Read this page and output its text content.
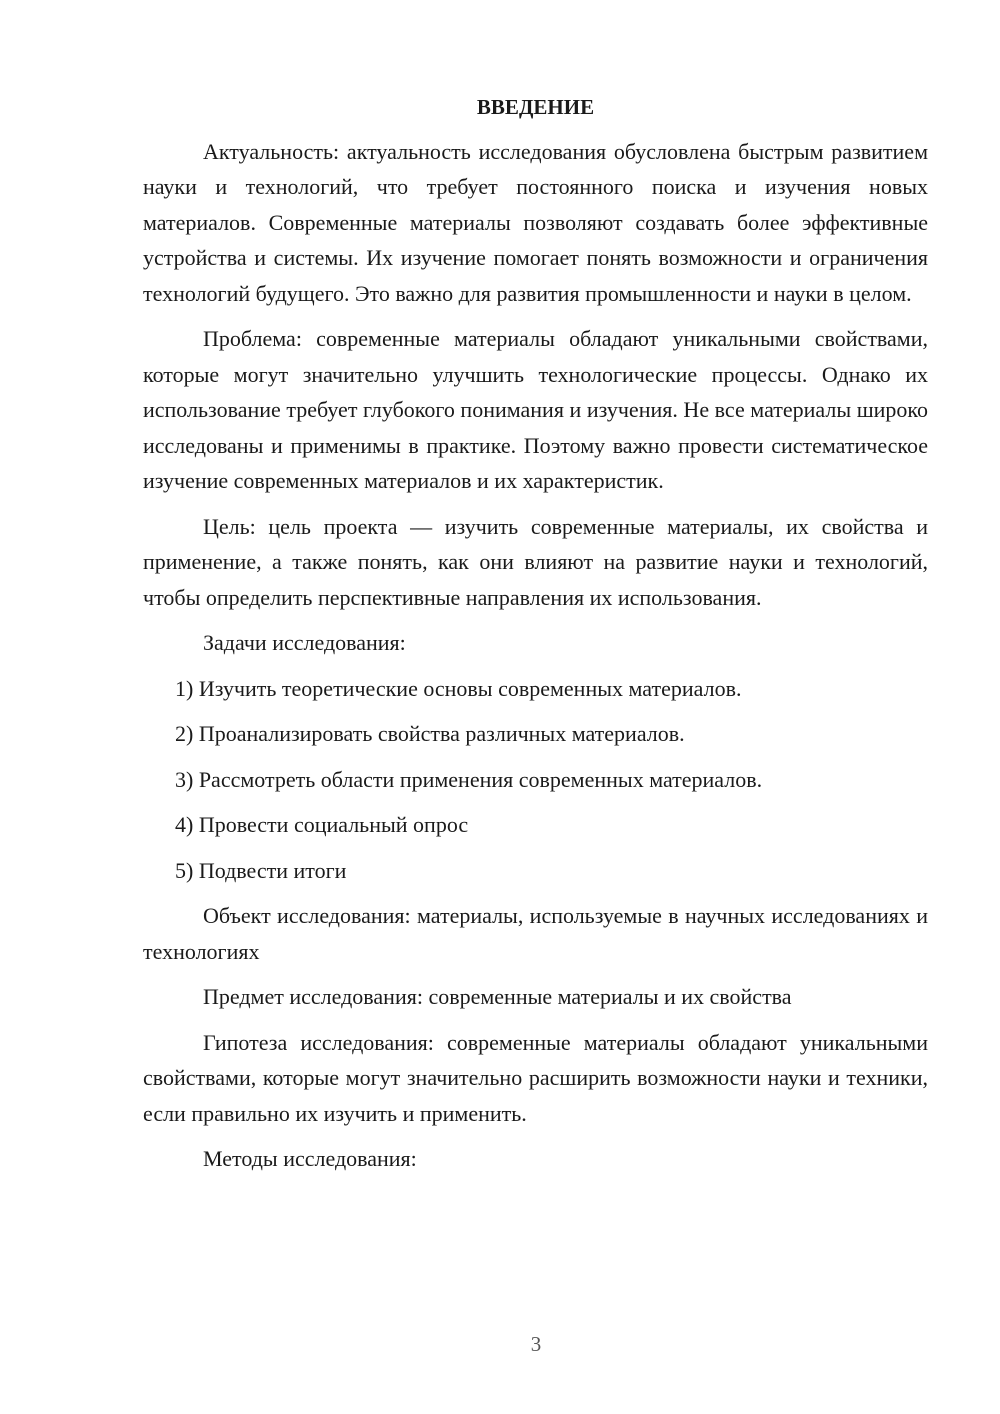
ВВЕДЕНИЕ

Актуальность: актуальность исследования обусловлена быстрым развитием науки и технологий, что требует постоянного поиска и изучения новых материалов. Современные материалы позволяют создавать более эффективные устройства и системы. Их изучение помогает понять возможности и ограничения технологий будущего. Это важно для развития промышленности и науки в целом.

Проблема: современные материалы обладают уникальными свойствами, которые могут значительно улучшить технологические процессы. Однако их использование требует глубокого понимания и изучения. Не все материалы широко исследованы и применимы в практике. Поэтому важно провести систематическое изучение современных материалов и их характеристик.

Цель: цель проекта — изучить современные материалы, их свойства и применение, а также понять, как они влияют на развитие науки и технологий, чтобы определить перспективные направления их использования.

Задачи исследования:

1) Изучить теоретические основы современных материалов.

2) Проанализировать свойства различных материалов.

3) Рассмотреть области применения современных материалов.

4) Провести социальный опрос

5) Подвести итоги

Объект исследования: материалы, используемые в научных исследованиях и технологиях

Предмет исследования: современные материалы и их свойства

Гипотеза исследования: современные материалы обладают уникальными свойствами, которые могут значительно расширить возможности науки и техники, если правильно их изучить и применить.

Методы исследования:

3
